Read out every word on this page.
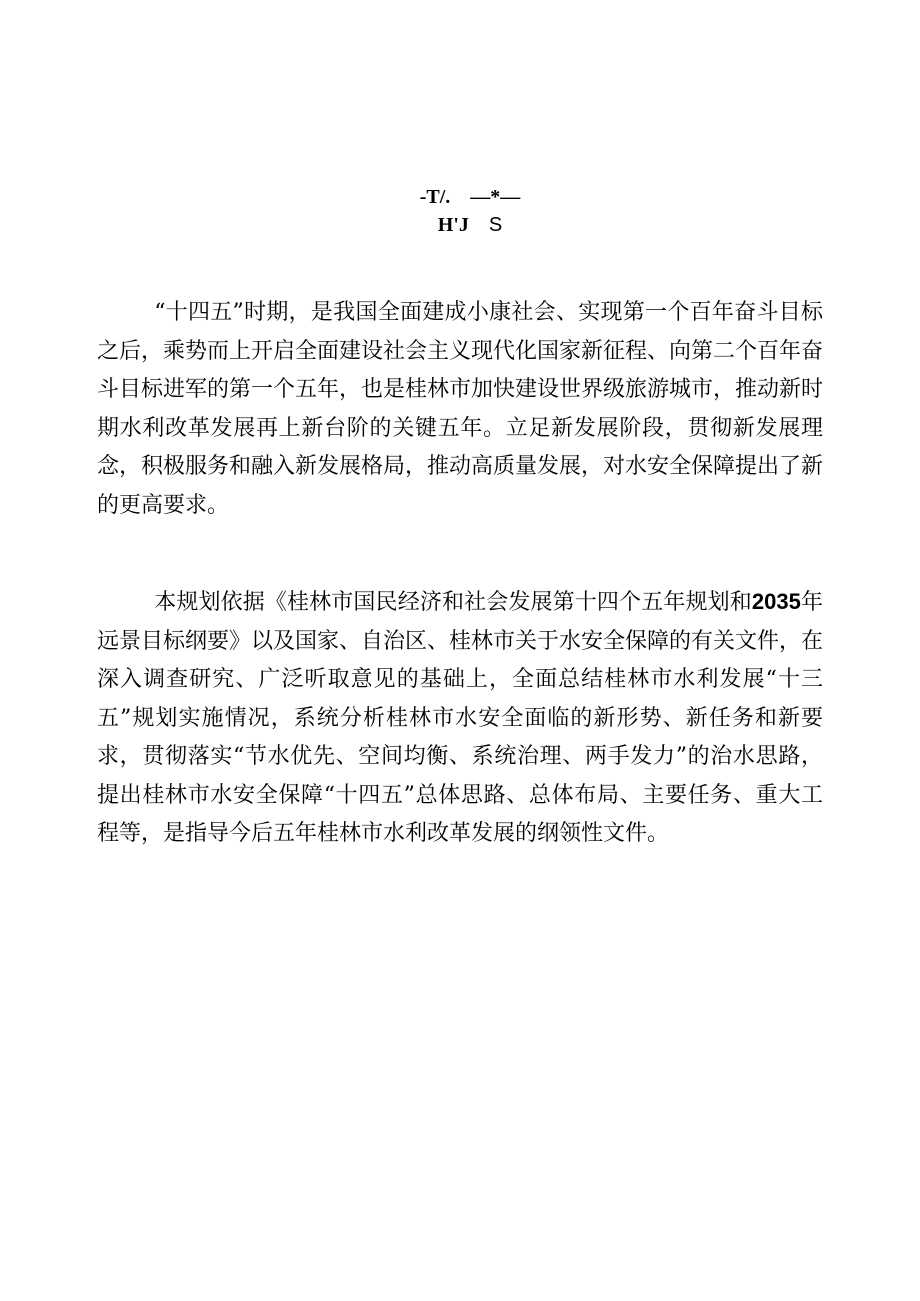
-T/.    —*—

H'J S

“十四五”时期，是我国全面建成小康社会、实现第一个百年奋斗目标之后，乘势而上开启全面建设社会主义现代化国家新征程、向第二个百年奋斗目标进军的第一个五年，也是桂林市加快建设世界级旅游城市，推动新时期水利改革发展再上新台阶的关键五年。立足新发展阶段，贯彻新发展理念，积极服务和融入新发展格局，推动高质量发展，对水安全保障提出了新的更高要求。

本规划依据《桂林市国民经济和社会发展第十四个五年规划和2035年远景目标纲要》以及国家、自治区、桂林市关于水安全保障的有关文件，在深入调查研究、广泛听取意见的基础上，全面总结桂林市水利发展“十三五”规划实施情况，系统分析桂林市水安全面临的新形势、新任务和新要求，贯彻落实“节水优先、空间均衡、系统治理、两手发力”的治水思路，提出桂林市水安全保障“十四五”总体思路、总体布局、主要任务、重大工程等，是指导今后五年桂林市水利改革发展的纲领性文件。
